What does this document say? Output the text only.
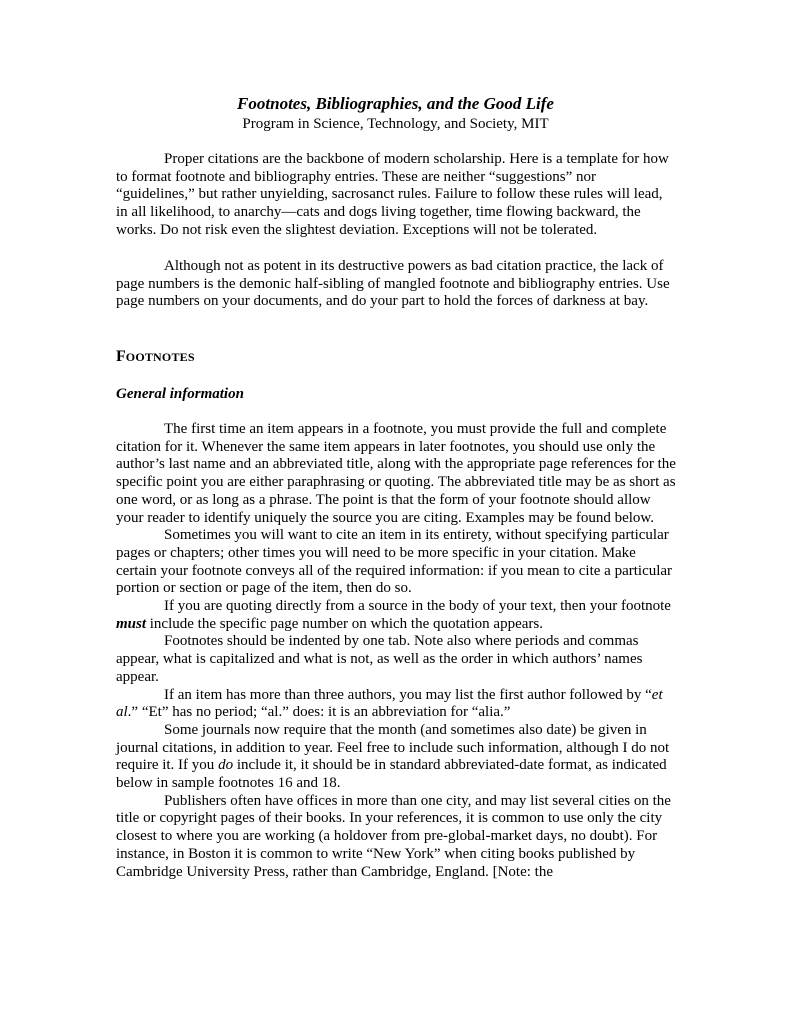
Footnotes, Bibliographies, and the Good Life
Program in Science, Technology, and Society, MIT

Proper citations are the backbone of modern scholarship. Here is a template for how to format footnote and bibliography entries. These are neither “suggestions” nor “guidelines,” but rather unyielding, sacrosanct rules. Failure to follow these rules will lead, in all likelihood, to anarchy—cats and dogs living together, time flowing backward, the works. Do not risk even the slightest deviation. Exceptions will not be tolerated.

Although not as potent in its destructive powers as bad citation practice, the lack of page numbers is the demonic half-sibling of mangled footnote and bibliography entries. Use page numbers on your documents, and do your part to hold the forces of darkness at bay.

FOOTNOTES
General information

The first time an item appears in a footnote, you must provide the full and complete citation for it. Whenever the same item appears in later footnotes, you should use only the author’s last name and an abbreviated title, along with the appropriate page references for the specific point you are either paraphrasing or quoting. The abbreviated title may be as short as one word, or as long as a phrase. The point is that the form of your footnote should allow your reader to identify uniquely the source you are citing. Examples may be found below.

Sometimes you will want to cite an item in its entirety, without specifying particular pages or chapters; other times you will need to be more specific in your citation. Make certain your footnote conveys all of the required information: if you mean to cite a particular portion or section or page of the item, then do so.

If you are quoting directly from a source in the body of your text, then your footnote must include the specific page number on which the quotation appears.

Footnotes should be indented by one tab. Note also where periods and commas appear, what is capitalized and what is not, as well as the order in which authors’ names appear.

If an item has more than three authors, you may list the first author followed by “et al.” “Et” has no period; “al.” does: it is an abbreviation for “alia.”

Some journals now require that the month (and sometimes also date) be given in journal citations, in addition to year. Feel free to include such information, although I do not require it. If you do include it, it should be in standard abbreviated-date format, as indicated below in sample footnotes 16 and 18.

Publishers often have offices in more than one city, and may list several cities on the title or copyright pages of their books. In your references, it is common to use only the city closest to where you are working (a holdover from pre-global-market days, no doubt). For instance, in Boston it is common to write “New York” when citing books published by Cambridge University Press, rather than Cambridge, England. [Note: the
